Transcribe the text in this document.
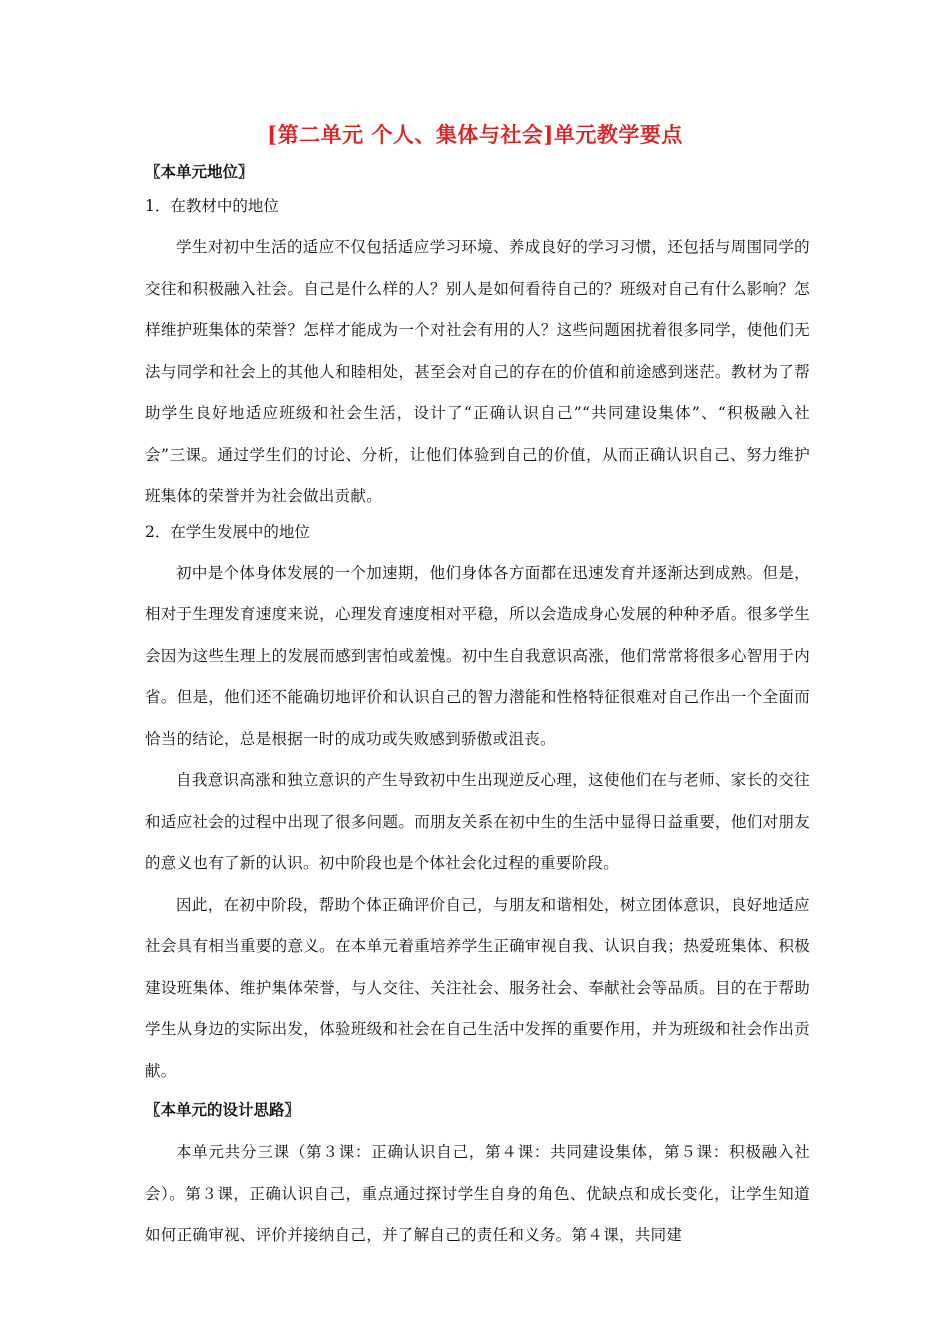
[第二单元 个人、集体与社会]单元教学要点
〖本单元地位〗
1．在教材中的地位

学生对初中生活的适应不仅包括适应学习环境、养成良好的学习习惯，还包括与周围同学的交往和积极融入社会。自己是什么样的人？别人是如何看待自己的？班级对自己有什么影响？怎样维护班集体的荣誉？怎样才能成为一个对社会有用的人？这些问题困扰着很多同学，使他们无法与同学和社会上的其他人和睦相处，甚至会对自己的存在的价值和前途感到迷茫。教材为了帮助学生良好地适应班级和社会生活，设计了“正确认识自己”“共同建设集体”、“积极融入社会”三课。通过学生们的讨论、分析，让他们体验到自己的价值，从而正确认识自己、努力维护班集体的荣誉并为社会做出贡献。

2．在学生发展中的地位

初中是个体身体发展的一个加速期，他们身体各方面都在迅速发育并逐渐达到成熟。但是，相对于生理发育速度来说，心理发育速度相对平稳，所以会造成身心发展的种种矛盾。很多学生会因为这些生理上的发展而感到害怕或羞愧。初中生自我意识高涨，他们常常将很多心智用于内省。但是，他们还不能确切地评价和认识自己的智力潜能和性格特征很难对自己作出一个全面而恰当的结论，总是根据一时的成功或失败感到骄傲或沮丧。

自我意识高涨和独立意识的产生导致初中生出现逆反心理，这使他们在与老师、家长的交往和适应社会的过程中出现了很多问题。而朋友关系在初中生的生活中显得日益重要，他们对朋友的意义也有了新的认识。初中阶段也是个体社会化过程的重要阶段。

因此，在初中阶段，帮助个体正确评价自己，与朋友和谐相处，树立团体意识，良好地适应社会具有相当重要的意义。在本单元着重培养学生正确审视自我、认识自我；热爱班集体、积极建设班集体、维护集体荣誉，与人交往、关注社会、服务社会、奉献社会等品质。目的在于帮助学生从身边的实际出发，体验班级和社会在自己生活中发挥的重要作用，并为班级和社会作出贡献。

〖本单元的设计思路〗

本单元共分三课（第３课：正确认识自己，第４课：共同建设集体，第５课：积极融入社会）。第３课，正确认识自己，重点通过探讨学生自身的角色、优缺点和成长变化，让学生知道如何正确审视、评价并接纳自己，并了解自己的责任和义务。第４课，共同建
